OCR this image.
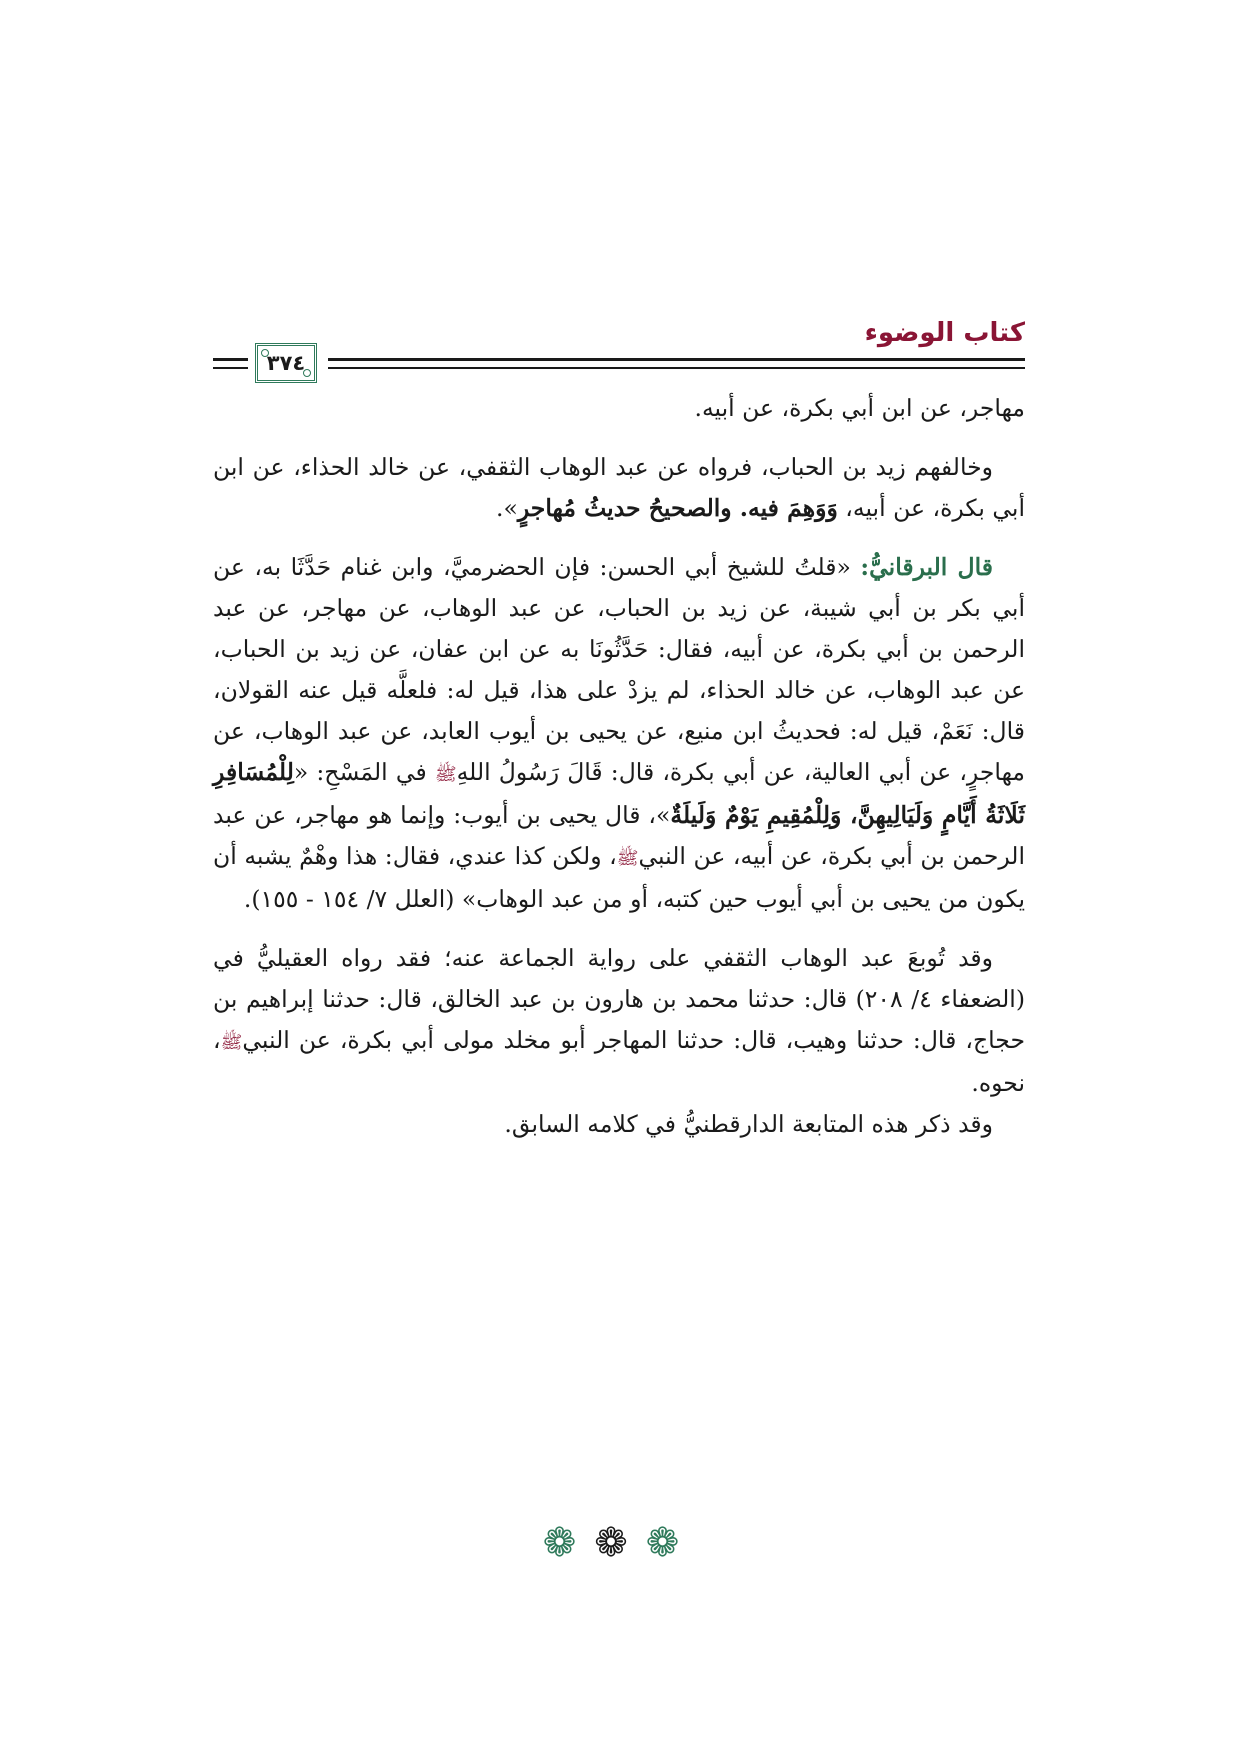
كتاب الوضوء
٣٧٤

مهاجر، عن ابن أبي بكرة، عن أبيه.

وخالفهم زيد بن الحباب، فرواه عن عبد الوهاب الثقفي، عن خالد الحذاء، عن ابن أبي بكرة، عن أبيه، وَوَهِمَ فيه. والصحيحُ حديثُ مُهاجرٍ».

قال البرقانيُّ: «قلتُ للشيخ أبي الحسن: فإن الحضرميَّ، وابن غنام حَدَّثَا به، عن أبي بكر بن أبي شيبة، عن زيد بن الحباب، عن عبد الوهاب، عن مهاجر، عن عبد الرحمن بن أبي بكرة، عن أبيه، فقال: حَدَّثُونَا به عن ابن عفان، عن زيد بن الحباب، عن عبد الوهاب، عن خالد الحذاء، لم يزدْ على هذا، قيل له: فلعلَّه قيل عنه القولان، قال: نَعَمْ، قيل له: فحديثُ ابن منيع، عن يحيى بن أيوب العابد، عن عبد الوهاب، عن مهاجرٍ، عن أبي العالية، عن أبي بكرة، قال: قَالَ رَسُولُ اللهِﷺ في المَسْحِ: «لِلْمُسَافِرِ ثَلَاثَةُ أَيَّامٍ وَلَيَالِيهِنَّ، وَلِلْمُقِيمِ يَوْمٌ وَلَيلَةٌ»، قال يحيى بن أيوب: وإنما هو مهاجر، عن عبد الرحمن بن أبي بكرة، عن أبيه، عن النبيﷺ، ولكن كذا عندي، فقال: هذا وهْمٌ يشبه أن يكون من يحيى بن أبي أيوب حين كتبه، أو من عبد الوهاب» (العلل ٧/ ١٥٤ - ١٥٥).

وقد تُوبعَ عبد الوهاب الثقفي على رواية الجماعة عنه؛ فقد رواه العقيليُّ في (الضعفاء ٤/ ٢٠٨) قال: حدثنا محمد بن هارون بن عبد الخالق، قال: حدثنا إبراهيم بن حجاج، قال: حدثنا وهيب، قال: حدثنا المهاجر أبو مخلد مولى أبي بكرة، عن النبيﷺ، نحوه.

وقد ذكر هذه المتابعة الدارقطنيُّ في كلامه السابق.

❁❁❁
